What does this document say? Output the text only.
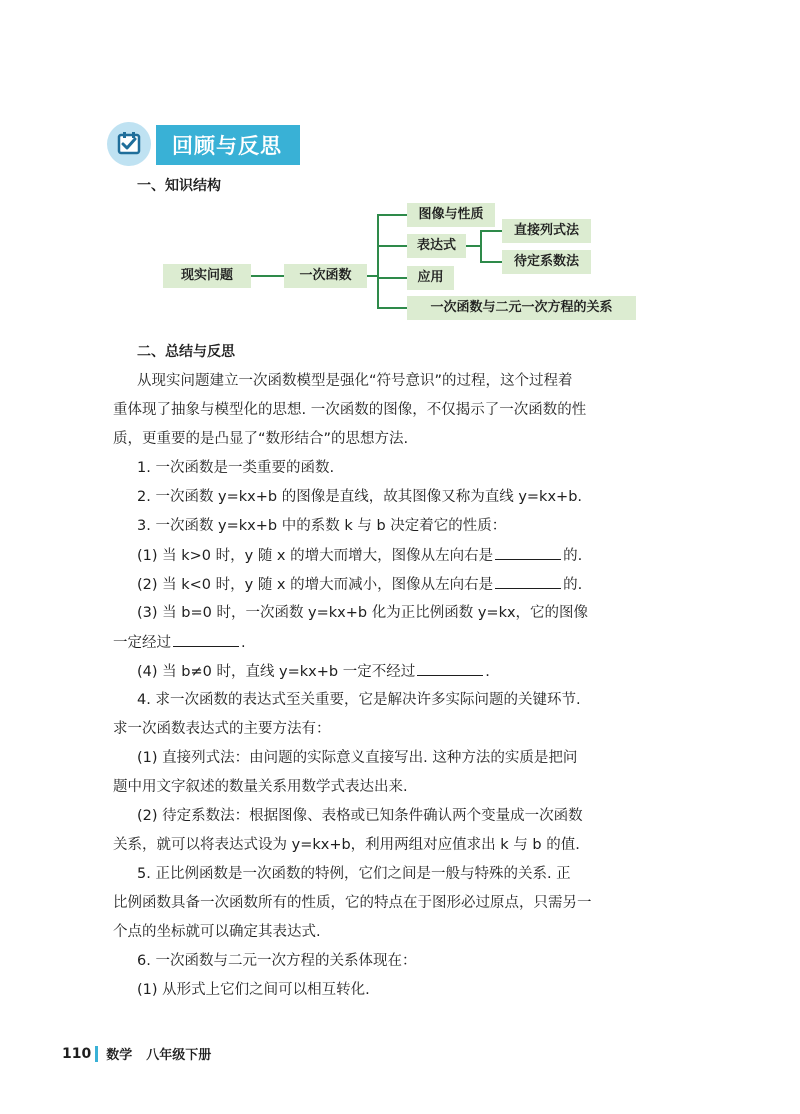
回顾与反思
一、知识结构
现实问题	一次函数
图像与性质
表达式
应用
一次函数与二元一次方程的关系
直接列式法
待定系数法
二、总结与反思
从现实问题建立一次函数模型是强化“符号意识”的过程，这个过程着
重体现了抽象与模型化的思想. 一次函数的图像，不仅揭示了一次函数的性
质，更重要的是凸显了“数形结合”的思想方法.
1. 一次函数是一类重要的函数.
2. 一次函数 y=kx+b 的图像是直线，故其图像又称为直线 y=kx+b.
3. 一次函数 y=kx+b 中的系数 k 与 b 决定着它的性质：
(1) 当 k>0 时，y 随 x 的增大而增大，图像从左向右是	的.
(2) 当 k<0 时，y 随 x 的增大而减小，图像从左向右是	的.
(3) 当 b=0 时，一次函数 y=kx+b 化为正比例函数 y=kx，它的图像
一定经过	.
(4) 当 b≠0 时，直线 y=kx+b 一定不经过	.
4. 求一次函数的表达式至关重要，它是解决许多实际问题的关键环节.
求一次函数表达式的主要方法有：
(1) 直接列式法：由问题的实际意义直接写出. 这种方法的实质是把问
题中用文字叙述的数量关系用数学式表达出来.
(2) 待定系数法：根据图像、表格或已知条件确认两个变量成一次函数
关系，就可以将表达式设为 y=kx+b，利用两组对应值求出 k 与 b 的值.
5. 正比例函数是一次函数的特例，它们之间是一般与特殊的关系. 正
比例函数具备一次函数所有的性质，它的特点在于图形必过原点，只需另一
个点的坐标就可以确定其表达式.
6. 一次函数与二元一次方程的关系体现在：
(1) 从形式上它们之间可以相互转化.
110 数学 八年级下册
